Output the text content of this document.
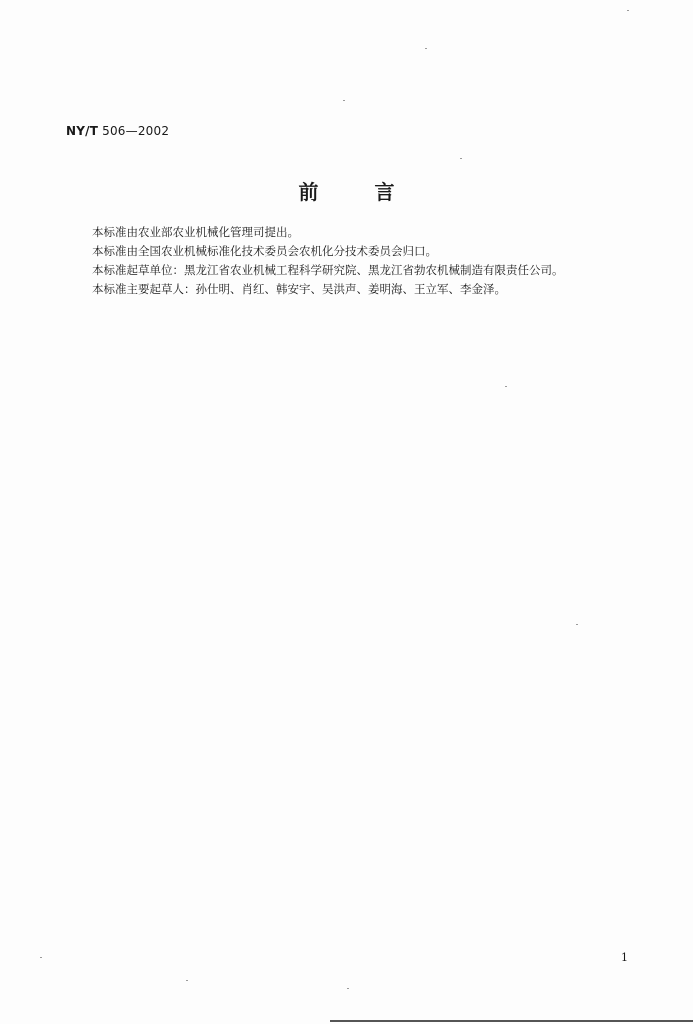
NY/T 506—2002
前	言

本标准由农业部农业机械化管理司提出。

本标准由全国农业机械标准化技术委员会农机化分技术委员会归口。

本标准起草单位：黑龙江省农业机械工程科学研究院、黑龙江省勃农机械制造有限责任公司。

本标准主要起草人：孙仕明、肖红、韩安宇、吴洪声、姜明海、王立军、李金泽。

1
